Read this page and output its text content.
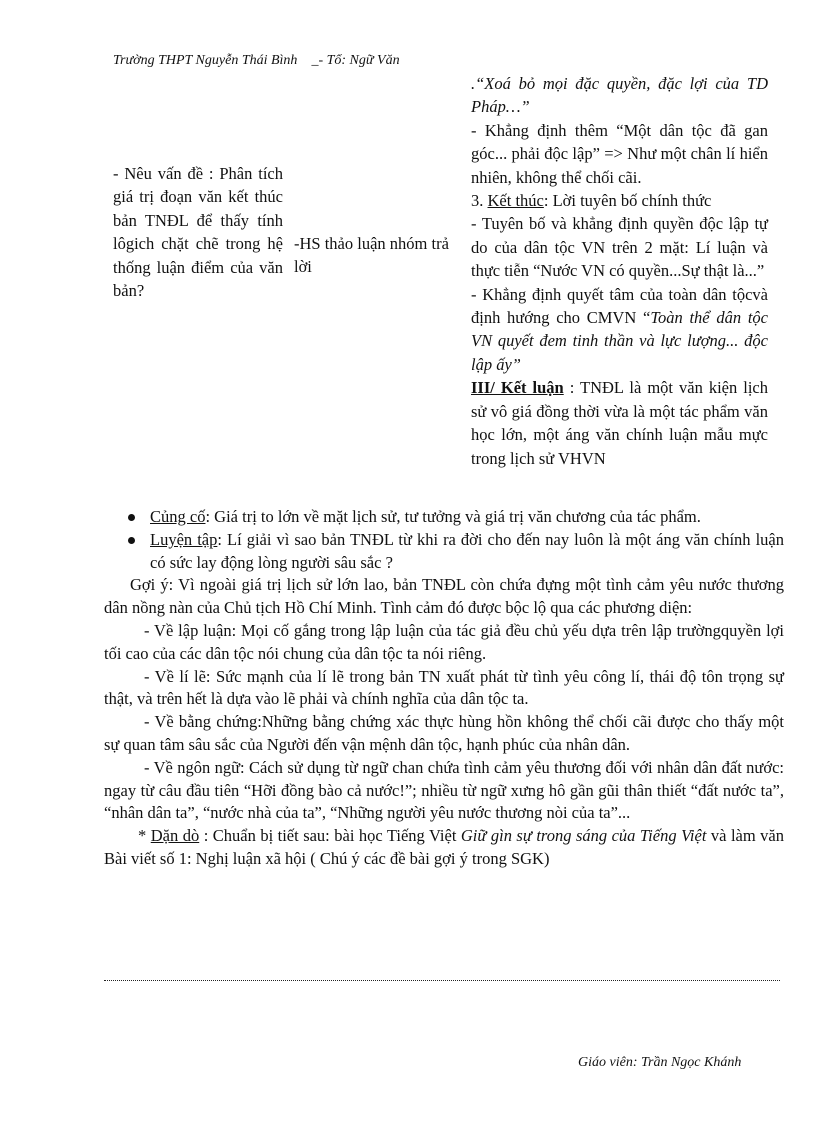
Trường THPT Nguyễn Thái Bình _- Tổ: Ngữ Văn
- Nêu vấn đề : Phân tích giá trị đoạn văn kết thúc bản TNĐL để thấy tính lôgich chặt chẽ trong hệ thống luận điểm của văn bản?
-HS thảo luận nhóm trả lời

.“Xoá bỏ mọi đặc quyền, đặc lợi của TD Pháp…”

- Khẳng định thêm “Một dân tộc đã gan góc... phải độc lập” => Như một chân lí hiển nhiên, không thể chối cãi.

3. Kết thúc: Lời tuyên bố chính thức

- Tuyên bố và khẳng định quyền độc lập tự do của dân tộc VN trên 2 mặt: Lí luận và thực tiễn “Nước VN có quyền...Sự thật là...”

- Khẳng định quyết tâm của toàn dân tộcvà định hướng cho CMVN “Toàn thể dân tộc VN quyết đem tinh thần và lực lượng... độc lập ấy”

III/ Kết luận : TNĐL là một văn kiện lịch sử vô giá đồng thời vừa là một tác phẩm văn học lớn, một áng văn chính luận mẫu mực trong lịch sử VHVN

Củng cố: Giá trị to lớn về mặt lịch sử, tư tưởng và giá trị văn chương của tác phẩm.
Luyện tập: Lí giải vì sao bản TNĐL từ khi ra đời cho đến nay luôn là một áng văn chính luận có sức lay động lòng người sâu sắc ?

Gợi ý: Vì ngoài giá trị lịch sử lớn lao, bản TNĐL còn chứa đựng một tình cảm yêu nước thương dân nồng nàn của Chủ tịch Hồ Chí Minh. Tình cảm đó được bộc lộ qua các phương diện:

- Về lập luận: Mọi cố gắng trong lập luận của tác giả đều chủ yếu dựa trên lập trườngquyền lợi tối cao của các dân tộc nói chung của dân tộc ta nói riêng.

- Về lí lẽ: Sức mạnh của lí lẽ trong bản TN xuất phát từ tình yêu công lí, thái độ tôn trọng sự thật, và trên hết là dựa vào lẽ phải và chính nghĩa của dân tộc ta.

- Về bằng chứng:Những bằng chứng xác thực hùng hồn không thể chối cãi được cho thấy một sự quan tâm sâu sắc của Người đến vận mệnh dân tộc, hạnh phúc của nhân dân.

- Về ngôn ngữ: Cách sử dụng từ ngữ chan chứa tình cảm yêu thương đối với nhân dân đất nước: ngay từ câu đầu tiên “Hỡi đồng bào cả nước!”; nhiều từ ngữ xưng hô gần gũi thân thiết “đất nước ta”, “nhân dân ta”, “nước nhà của ta”, “Những người yêu nước thương nòi của ta”...

* Dặn dò : Chuẩn bị tiết sau: bài học Tiếng Việt Giữ gìn sự trong sáng của Tiếng Việt và làm văn Bài viết số 1: Nghị luận xã hội ( Chú ý các đề bài gợi ý trong SGK)

Giáo viên: Trần Ngọc Khánh
